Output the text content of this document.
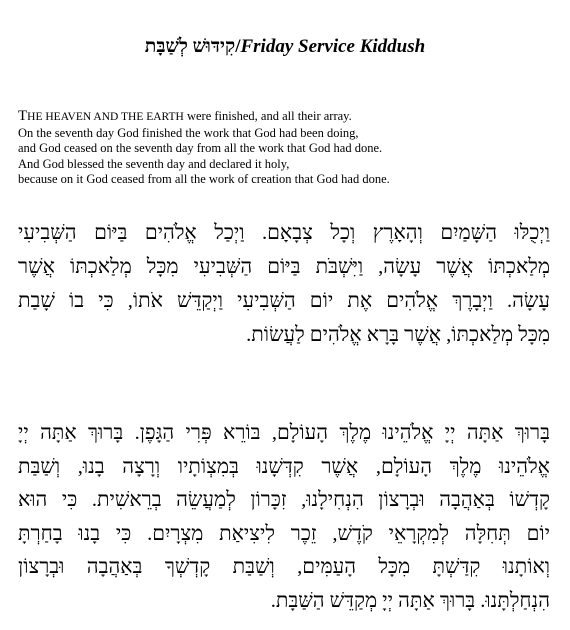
קִידּוּשׁ לְשַׁבָּת/Friday Service Kiddush
THE HEAVEN AND THE EARTH were finished, and all their array.
On the seventh day God finished the work that God had been doing,
and God ceased on the seventh day from all the work that God had done.
And God blessed the seventh day and declared it holy,
because on it God ceased from all the work of creation that God had done.
וַיְכֻלּוּ הַשָּׁמַיִם וְהָאָרֶץ וְכָל צְבָאָם. וַיְכַל אֱלֹהִים בַּיּוֹם הַשְּׁבִיעִי
מְלַאכְתּוֹ אֲשֶׁר עָשָׂה, וַיִּשְׁבֹּת בַּיּוֹם הַשְּׁבִיעִי מִכָּל מְלַאכְתּוֹ אֲשֶׁר
עָשָׂה. וַיְבָרֶךְ אֱלֹהִים אֶת יוֹם הַשְּׁבִיעִי וַיְקַדֵּשׁ אֹתוֹ, כִּי בוֹ שָׁבַת
מִכָּל מְלַאכְתּוֹ, אֲשֶׁר בָּרָא אֱלֹהִים לַעֲשׂוֹת.
בָּרוּךְ אַתָּה יְיָ אֱלֹהֵינוּ מֶלֶךְ הָעוֹלָם, בּוֹרֵא פְּרִי הַגָּפֶן. בָּרוּךְ אַתָּה יְיָ
אֱלֹהֵינוּ מֶלֶךְ הָעוֹלָם, אֲשֶׁר קִדְּשָׁנוּ בְּמִצְוֹתָיו וְרָצָה בָנוּ, וְשַׁבַּת
קָדְשׁוֹ בְּאַהֲבָה וּבְרָצוֹן הִנְחִילָנוּ, זִכָּרוֹן לְמַעֲשֵׂה בְרֵאשִׁית. כִּי הוּא
יוֹם תְּחִלָּה לְמִקְרָאֵי קֹדֶשׁ, זֵכֶר לִיצִיאַת מִצְרָיִם. כִּי בָנוּ בָחַרְתָּ
וְאוֹתָנוּ קִדַּשְׁתָּ מִכָּל הָעַמִּים, וְשַׁבַּת קָדְשְׁךָ בְּאַהֲבָה וּבְרָצוֹן
הִנְחַלְתָּנוּ. בָּרוּךְ אַתָּה יְיָ מְקַדֵּשׁ הַשַּׁבָּת.
